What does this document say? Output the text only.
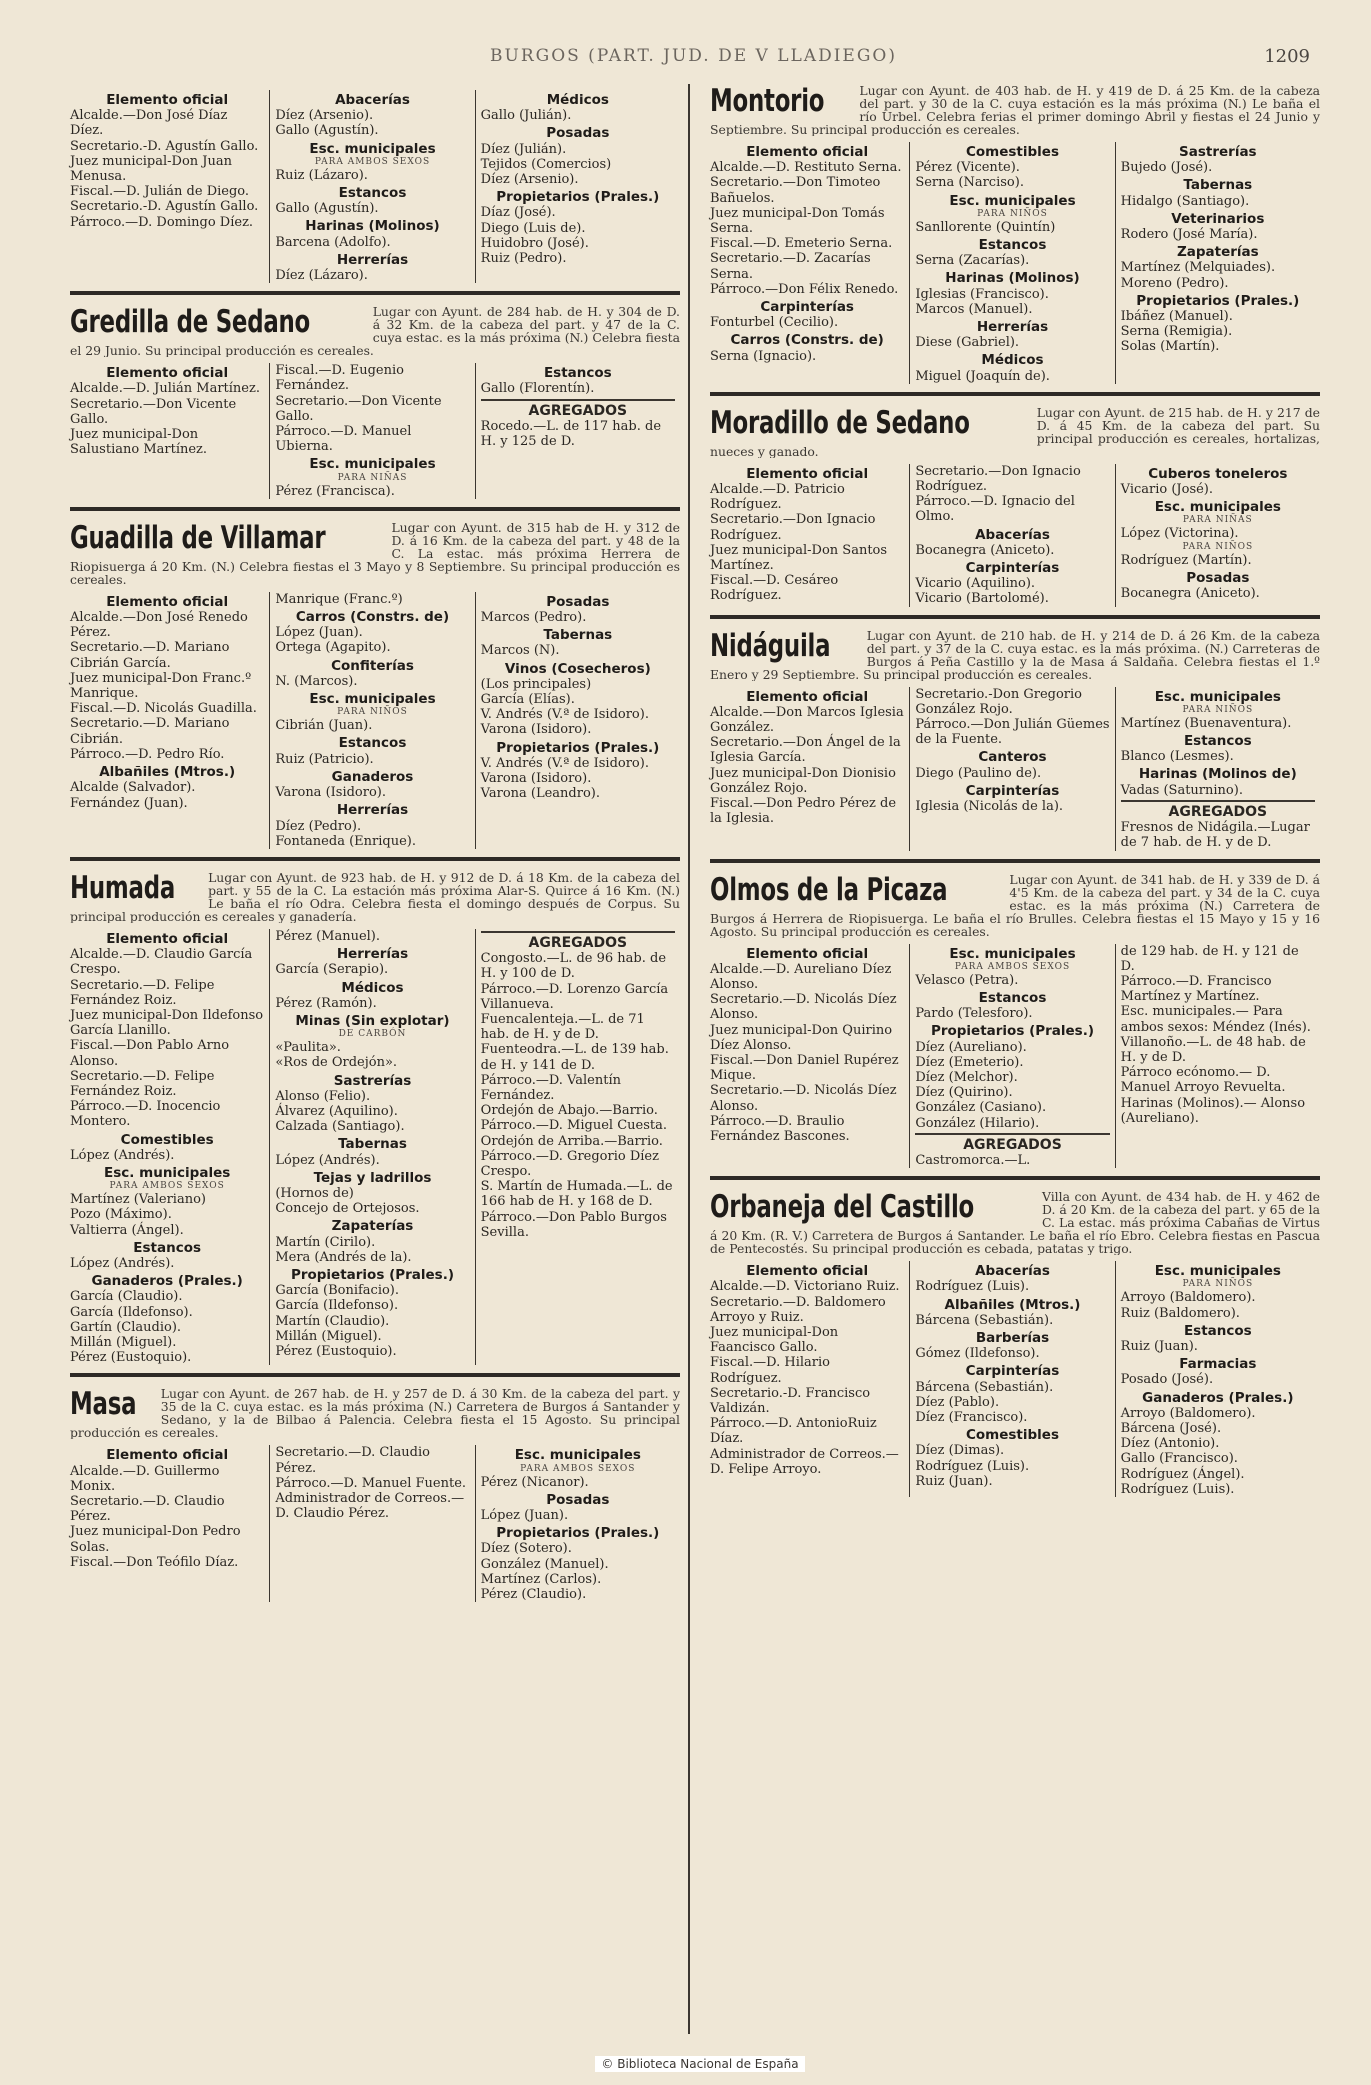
BURGOS (PART. JUD. DE V LLADIEGO)	1209
Elemento oficial
Alcalde.—Don José Díaz Díez.
Secretario.-D. Agustín Gallo.
Juez municipal-Don Juan Menusa.
Fiscal.—D. Julián de Diego.
Secretario.-D. Agustín Gallo.
Párroco.—D. Domingo Díez.
Abacerías
Díez (Arsenio).
Gallo (Agustín).
Esc. municipales
PARA AMBOS SEXOS
Ruiz (Lázaro).
Estancos
Gallo (Agustín).
Harinas (Molinos)
Barcena (Adolfo).
Herrerías
Díez (Lázaro).
Médicos
Gallo (Julián).
Posadas
Díez (Julián).
Tejidos (Comercios)
Díez (Arsenio).
Propietarios (Prales.)
Díaz (José).
Diego (Luis de).
Huidobro (José).
Ruiz (Pedro).
Gredilla de Sedano	Lugar con Ayunt. de 284 hab. de H. y 304 de D. á 32 Km. de la cabeza del part. y 47 de la C. cuya estac. es la más próxima (N.) Celebra fiesta el 29 Junio. Su principal producción es cereales.
Elemento oficial
Alcalde.—D. Julián Martínez.
Secretario.—Don Vicente Gallo.
Juez municipal-Don Salustiano Martínez.
Fiscal.—D. Eugenio Fernández.
Secretario.—Don Vicente Gallo.
Párroco.—D. Manuel Ubierna.
Esc. municipales
PARA NIÑAS
Pérez (Francisca).
Estancos
Gallo (Florentín).
AGREGADOS
Rocedo.—L. de 117 hab. de H. y 125 de D.
Guadilla de Villamar	Lugar con Ayunt. de 315 hab de H. y 312 de D. á 16 Km. de la cabeza del part. y 48 de la C. La estac. más próxima Herrera de Riopisuerga á 20 Km. (N.) Celebra fiestas el 3 Mayo y 8 Septiembre. Su principal producción es cereales.
Elemento oficial
Alcalde.—Don José Renedo Pérez.
Secretario.—D. Mariano Cibrián García.
Juez municipal-Don Franc.º Manrique.
Fiscal.—D. Nicolás Guadilla.
Secretario.—D. Mariano Cibrián.
Párroco.—D. Pedro Río.
Albañiles (Mtros.)
Alcalde (Salvador).
Fernández (Juan).
Manrique (Franc.º)
Carros (Constrs. de)
López (Juan).
Ortega (Agapito).
Confiterías
N. (Marcos).
Esc. municipales
PARA NIÑOS
Cibrián (Juan).
Estancos
Ruiz (Patricio).
Ganaderos
Varona (Isidoro).
Herrerías
Díez (Pedro).
Fontaneda (Enrique).
Posadas
Marcos (Pedro).
Tabernas
Marcos (N).
Vinos (Cosecheros)
(Los principales)
García (Elías).
V. Andrés (V.ª de Isidoro).
Varona (Isidoro).
Propietarios (Prales.)
V. Andrés (V.ª de Isidoro).
Varona (Isidoro).
Varona (Leandro).
Humada	Lugar con Ayunt. de 923 hab. de H. y 912 de D. á 18 Km. de la cabeza del part. y 55 de la C. La estación más próxima Alar-S. Quirce á 16 Km. (N.) Le baña el río Odra. Celebra fiesta el domingo después de Corpus. Su principal producción es cereales y ganadería.
Elemento oficial
Alcalde.—D. Claudio García Crespo.
Secretario.—D. Felipe Fernández Roiz.
Juez municipal-Don Ildefonso García Llanillo.
Fiscal.—Don Pablo Arno Alonso.
Secretario.—D. Felipe Fernández Roiz.
Párroco.—D. Inocencio Montero.
Comestibles
López (Andrés).
Esc. municipales
PARA AMBOS SEXOS
Martínez (Valeriano)
Pozo (Máximo).
Valtierra (Ángel).
Estancos
López (Andrés).
Ganaderos (Prales.)
García (Claudio).
García (Ildefonso).
Gartín (Claudio).
Millán (Miguel).
Pérez (Eustoquio).
Pérez (Manuel).
Herrerías
García (Serapio).
Médicos
Pérez (Ramón).
Minas (Sin explotar)
DE CARBÓN
«Paulita».
«Ros de Ordejón».
Sastrerías
Alonso (Felio).
Álvarez (Aquilino).
Calzada (Santiago).
Tabernas
López (Andrés).
Tejas y ladrillos
(Hornos de)
Concejo de Ortejosos.
Zapaterías
Martín (Cirilo).
Mera (Andrés de la).
Propietarios (Prales.)
García (Bonifacio).
García (Ildefonso).
Martín (Claudio).
Millán (Miguel).
Pérez (Eustoquio).
AGREGADOS
Congosto.—L. de 96 hab. de H. y 100 de D.
Párroco.—D. Lorenzo García Villanueva.
Fuencalenteja.—L. de 71 hab. de H. y de D.
Fuenteodra.—L. de 139 hab. de H. y 141 de D.
Párroco.—D. Valentín Fernández.
Ordejón de Abajo.—Barrio.
Párroco.—D. Miguel Cuesta.
Ordejón de Arriba.—Barrio.
Párroco.—D. Gregorio Díez Crespo.
S. Martín de Humada.—L. de 166 hab de H. y 168 de D.
Párroco.—Don Pablo Burgos Sevilla.
Masa Lugar con Ayunt. de 267 hab. de H. y 257 de D. á 30 Km. de la cabeza del part. y 35 de la C. cuya estac. es la más próxima (N.) Carretera de Burgos á Santander y Sedano, y la de Bilbao á Palencia. Celebra fiesta el 15 Agosto. Su principal producción es cereales.
Elemento oficial
Alcalde.—D. Guillermo Monix.
Secretario.—D. Claudio Pérez.
Juez municipal-Don Pedro Solas.
Fiscal.—Don Teófilo Díaz.
Secretario.—D. Claudio Pérez.
Párroco.—D. Manuel Fuente.
Administrador de Correos.—D. Claudio Pérez.
Esc. municipales
PARA AMBOS SEXOS
Pérez (Nicanor).
Posadas
López (Juan).
Propietarios (Prales.)
Díez (Sotero).
González (Manuel).
Martínez (Carlos).
Pérez (Claudio).
Montorio	Lugar con Ayunt. de 403 hab. de H. y 419 de D. á 25 Km. de la cabeza del part. y 30 de la C. cuya estación es la más próxima (N.) Le baña el río Urbel. Celebra ferias el primer domingo Abril y fiestas el 24 Junio y Septiembre. Su principal producción es cereales.
Elemento oficial
Alcalde.—D. Restituto Serna.
Secretario.—Don Timoteo Bañuelos.
Juez municipal-Don Tomás Serna.
Fiscal.—D. Emeterio Serna.
Secretario.—D. Zacarías Serna.
Párroco.—Don Félix Renedo.
Carpinterías
Fonturbel (Cecilio).
Carros (Constrs. de)
Serna (Ignacio).
Comestibles
Pérez (Vicente).
Serna (Narciso).
Esc. municipales
PARA NIÑOS
Sanllorente (Quintín)
Estancos
Serna (Zacarías).
Harinas (Molinos)
Iglesias (Francisco).
Marcos (Manuel).
Herrerías
Diese (Gabriel).
Médicos
Miguel (Joaquín de).
Sastrerías
Bujedo (José).
Tabernas
Hidalgo (Santiago).
Veterinarios
Rodero (José María).
Zapaterías
Martínez (Melquiades).
Moreno (Pedro).
Propietarios (Prales.)
Ibáñez (Manuel).
Serna (Remigia).
Solas (Martín).
Moradillo de Sedano	Lugar con Ayunt. de 215 hab. de H. y 217 de D. á 45 Km. de la cabeza del part. Su principal producción es cereales, hortalizas, nueces y ganado.
Elemento oficial
Alcalde.—D. Patricio Rodríguez.
Secretario.—Don Ignacio Rodríguez.
Juez municipal-Don Santos Martínez.
Fiscal.—D. Cesáreo Rodríguez.
Secretario.—Don Ignacio Rodríguez.
Párroco.—D. Ignacio del Olmo.
Abacerías
Bocanegra (Aniceto).
Carpinterías
Vicario (Aquilino).
Vicario (Bartolomé).
Cuberos toneleros
Vicario (José).
Esc. municipales
PARA NIÑAS
López (Victorina).
PARA NIÑOS
Rodríguez (Martín).
Posadas
Bocanegra (Aniceto).
Nidáguila	Lugar con Ayunt. de 210 hab. de H. y 214 de D. á 26 Km. de la cabeza del part. y 37 de la C. cuya estac. es la más próxima. (N.) Carreteras de Burgos á Peña Castillo y la de Masa á Saldaña. Celebra fiestas el 1.º Enero y 29 Septiembre. Su principal producción es cereales.
Elemento oficial
Alcalde.—Don Marcos Iglesia González.
Secretario.—Don Ángel de la Iglesia García.
Juez municipal-Don Dionisio González Rojo.
Fiscal.—Don Pedro Pérez de la Iglesia.
Secretario.-Don Gregorio González Rojo.
Párroco.—Don Julián Güemes de la Fuente.
Canteros
Diego (Paulino de).
Carpinterías
Iglesia (Nicolás de la).
Esc. municipales
PARA NIÑOS
Martínez (Buenaventura).
Estancos
Blanco (Lesmes).
Harinas (Molinos de)
Vadas (Saturnino).
AGREGADOS
Fresnos de Nidágila.—Lugar de 7 hab. de H. y de D.
Olmos de la Picaza	Lugar con Ayunt. de 341 hab. de H. y 339 de D. á 4'5 Km. de la cabeza del part. y 34 de la C. cuya estac. es la más próxima (N.) Carretera de Burgos á Herrera de Riopisuerga. Le baña el río Brulles. Celebra fiestas el 15 Mayo y 15 y 16 Agosto. Su principal producción es cereales.
Elemento oficial
Alcalde.—D. Aureliano Díez Alonso.
Secretario.—D. Nicolás Díez Alonso.
Juez municipal-Don Quirino Díez Alonso.
Fiscal.—Don Daniel Rupérez Mique.
Secretario.—D. Nicolás Díez Alonso.
Párroco.—D. Braulio Fernández Bascones.
Esc. municipales
PARA AMBOS SEXOS
Velasco (Petra).
Estancos
Pardo (Telesforo).
Propietarios (Prales.)
Díez (Aureliano).
Díez (Emeterio).
Díez (Melchor).
Díez (Quirino).
González (Casiano).
González (Hilario).
AGREGADOS
Castromorca.—L.
de 129 hab. de H. y 121 de D.
Párroco.—D. Francisco Martínez y Martínez.
Esc. municipales.— Para ambos sexos: Méndez (Inés).
Villanoño.—L. de 48 hab. de H. y de D.
Párroco ecónomo.— D. Manuel Arroyo Revuelta.
Harinas (Molinos).— Alonso (Aureliano).
Orbaneja del Castillo	Villa con Ayunt. de 434 hab. de H. y 462 de D. á 20 Km. de la cabeza del part. y 65 de la C. La estac. más próxima Cabañas de Virtus á 20 Km. (R. V.) Carretera de Burgos á Santander. Le baña el río Ebro. Celebra fiestas en Pascua de Pentecostés. Su principal producción es cebada, patatas y trigo.
Elemento oficial
Alcalde.—D. Victoriano Ruiz.
Secretario.—D. Baldomero Arroyo y Ruiz.
Juez municipal-Don Faancisco Gallo.
Fiscal.—D. Hilario Rodríguez.
Secretario.-D. Francisco Valdizán.
Párroco.—D. AntonioRuiz Díaz.
Administrador de Correos.—D. Felipe Arroyo.
Abacerías
Rodríguez (Luis).
Albañiles (Mtros.)
Bárcena (Sebastián).
Barberías
Gómez (Ildefonso).
Carpinterías
Bárcena (Sebastián).
Díez (Pablo).
Díez (Francisco).
Comestibles
Díez (Dimas).
Rodríguez (Luis).
Ruiz (Juan).
Esc. municipales
PARA NIÑOS
Arroyo (Baldomero).
Ruiz (Baldomero).
Estancos
Ruiz (Juan).
Farmacias
Posado (José).
Ganaderos (Prales.)
Arroyo (Baldomero).
Bárcena (José).
Díez (Antonio).
Gallo (Francisco).
Rodríguez (Ángel).
Rodríguez (Luis).
© Biblioteca Nacional de España
